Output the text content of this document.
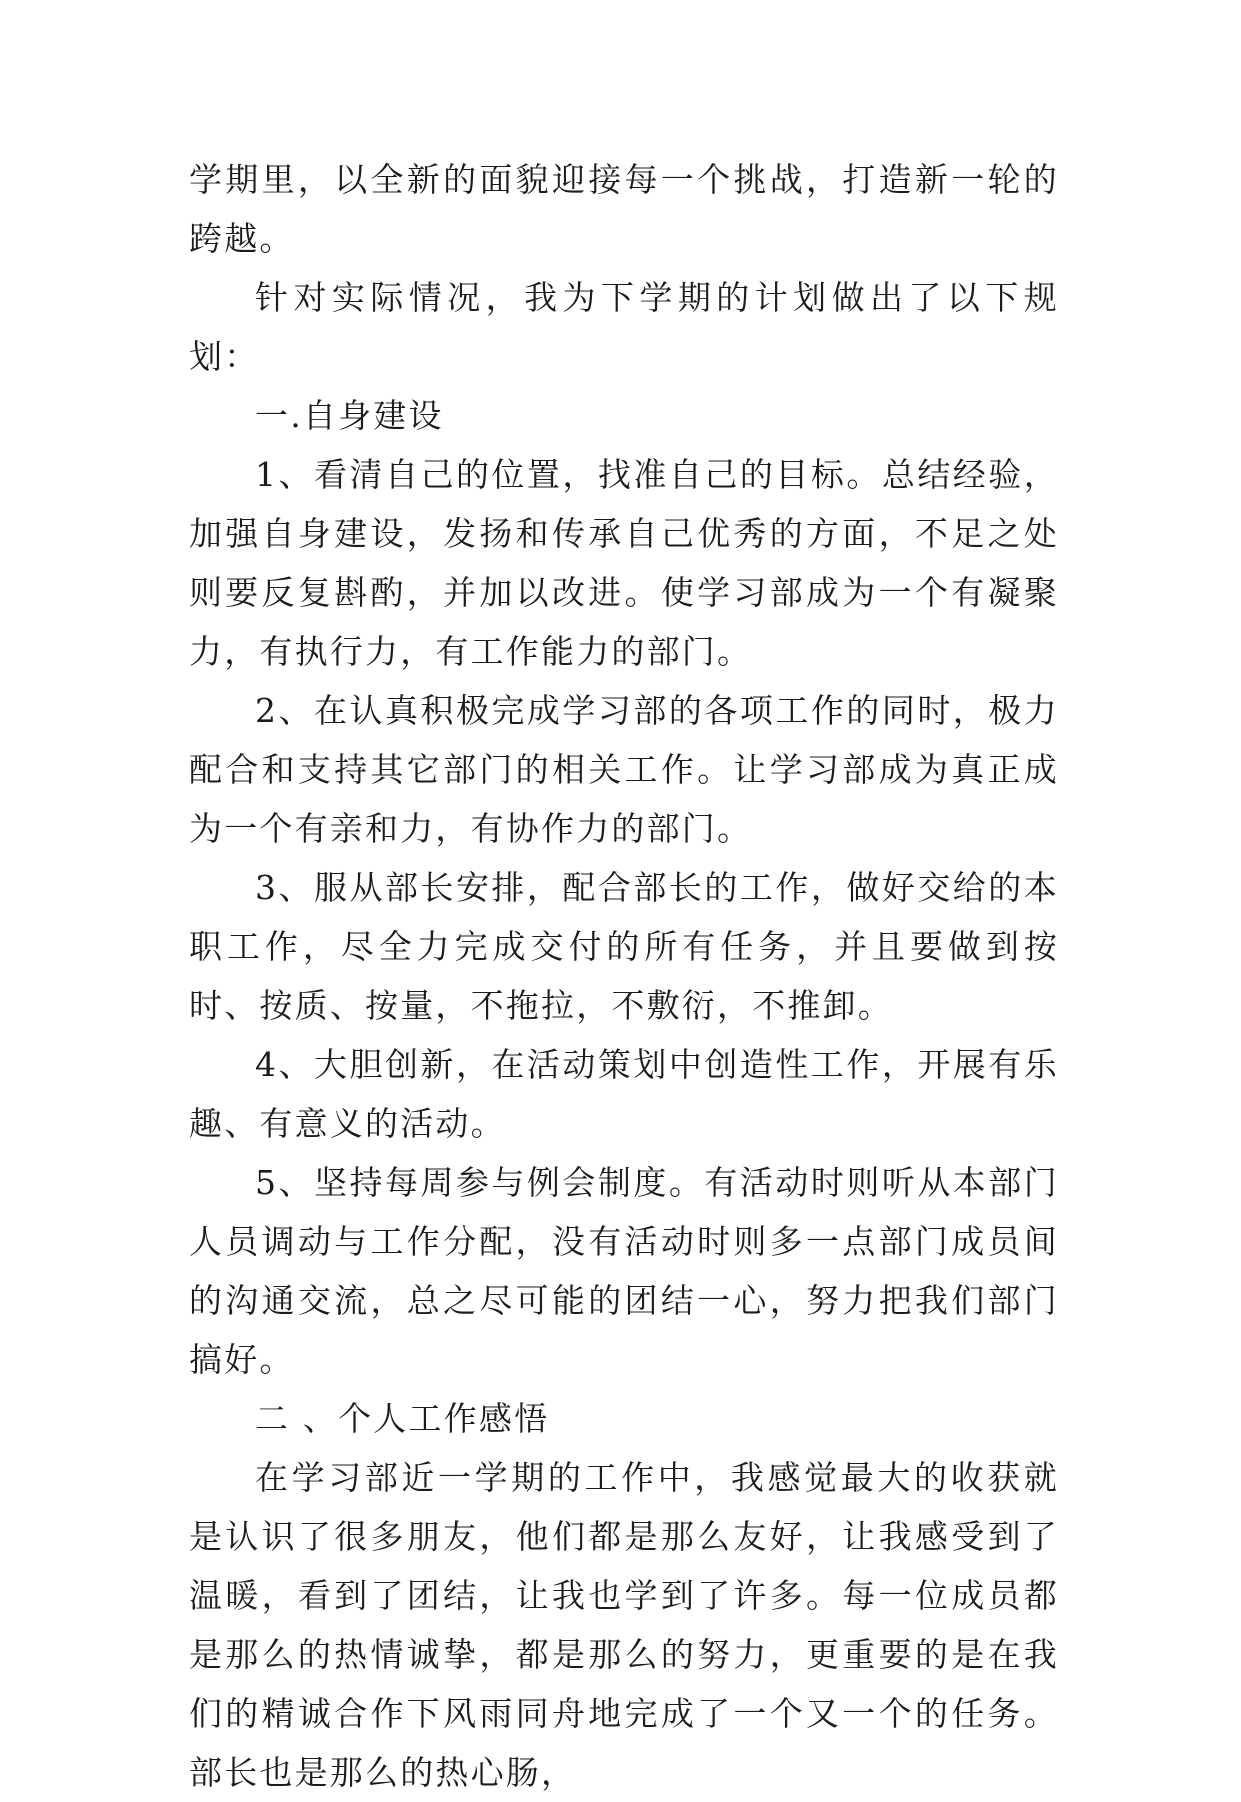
学期里，以全新的面貌迎接每一个挑战，打造新一轮的跨越。

针对实际情况，我为下学期的计划做出了以下规划：

一.自身建设

1、看清自己的位置，找准自己的目标。总结经验，加强自身建设，发扬和传承自己优秀的方面，不足之处则要反复斟酌，并加以改进。使学习部成为一个有凝聚力，有执行力，有工作能力的部门。

2、在认真积极完成学习部的各项工作的同时，极力配合和支持其它部门的相关工作。让学习部成为真正成为一个有亲和力，有协作力的部门。

3、服从部长安排，配合部长的工作，做好交给的本职工作，尽全力完成交付的所有任务，并且要做到按时、按质、按量，不拖拉，不敷衍，不推卸。

4、大胆创新，在活动策划中创造性工作，开展有乐趣、有意义的活动。

5、坚持每周参与例会制度。有活动时则听从本部门人员调动与工作分配，没有活动时则多一点部门成员间的沟通交流，总之尽可能的团结一心，努力把我们部门搞好。

二 、个人工作感悟

在学习部近一学期的工作中，我感觉最大的收获就是认识了很多朋友，他们都是那么友好，让我感受到了温暖，看到了团结，让我也学到了许多。每一位成员都是那么的热情诚挚，都是那么的努力，更重要的是在我们的精诚合作下风雨同舟地完成了一个又一个的任务。部长也是那么的热心肠，
